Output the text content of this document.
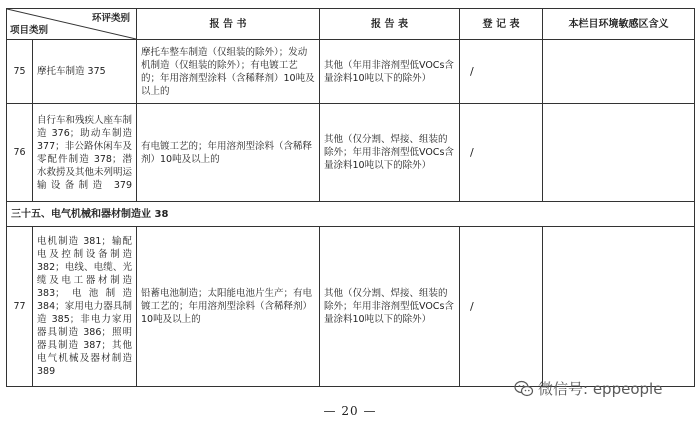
环评类别
项目类别		报 告 书	报 告 表	登 记 表	本栏目环境敏感区含义
75	摩托车制造 375	摩托车整车制造（仅组装的除外）；发动机制造（仅组装的除外）；有电镀工艺的；年用溶剂型涂料（含稀释剂）10吨及以上的	其他（年用非溶剂型低VOCs含量涂料10吨以下的除外）	/	
76	自行车和残疾人座车制造 376；助动车制造 377；非公路休闲车及零配件制造 378；潜水救捞及其他未列明运输设备制造 379	有电镀工艺的；年用溶剂型涂料（含稀释剂）10吨及以上的	其他（仅分割、焊接、组装的除外；年用非溶剂型低VOCs含量涂料10吨以下的除外）	/	
三十五、电气机械和器材制造业 38					
77	电机制造 381；输配电及控制设备制造 382；电线、电缆、光缆及电工器材制造 383；电池制造 384；家用电力器具制造 385；非电力家用器具制造 386；照明器具制造 387；其他电气机械及器材制造 389	铅蓄电池制造；太阳能电池片生产；有电镀工艺的；年用溶剂型涂料（含稀释剂）10吨及以上的	其他（仅分割、焊接、组装的除外；年用非溶剂型低VOCs含量涂料10吨以下的除外）	/	
微信号: eppeople
— 20 —
